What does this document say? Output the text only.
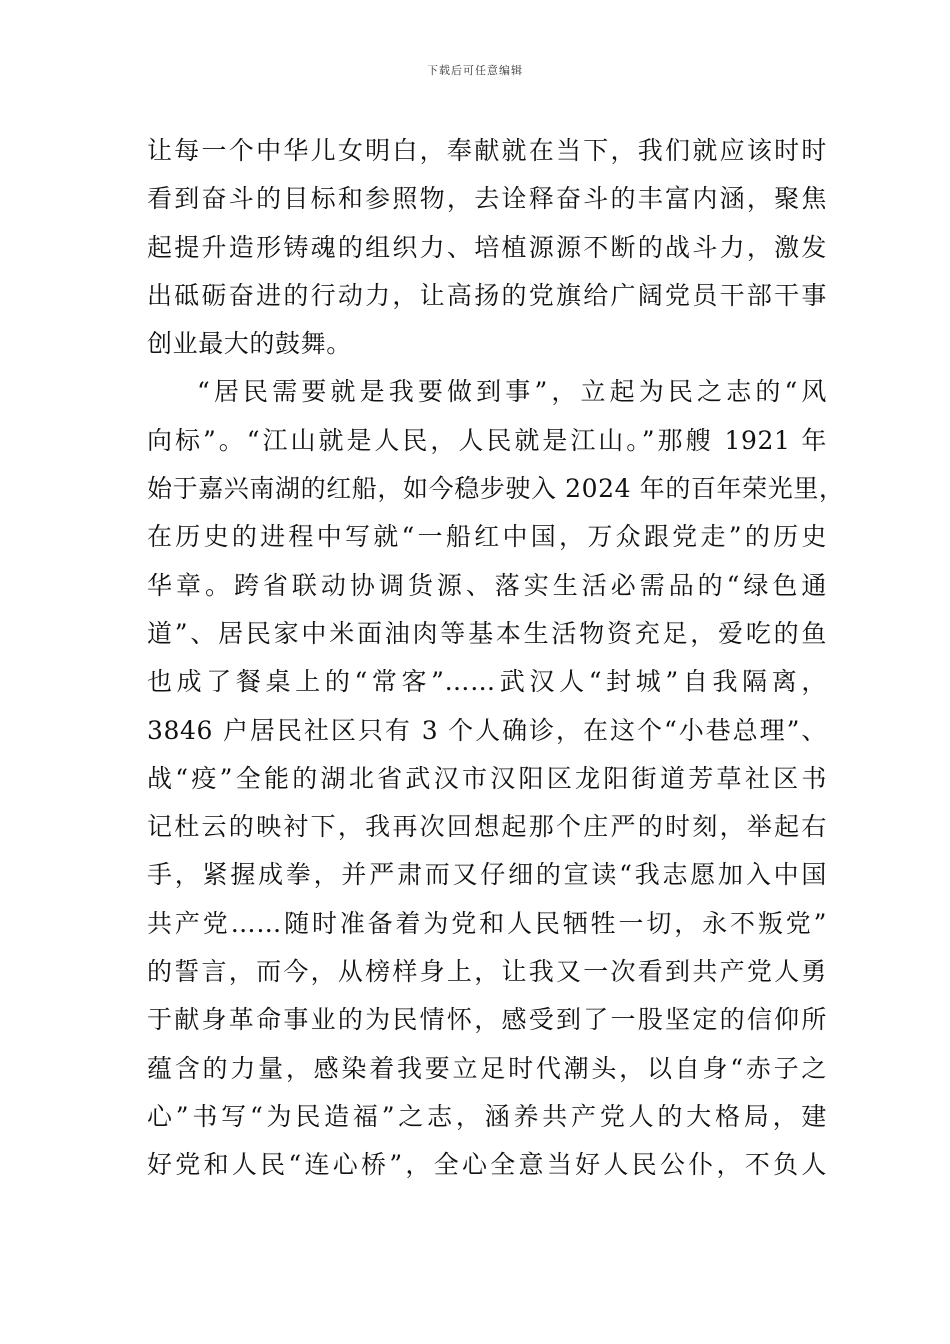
下载后可任意编辑
让每一个中华儿女明白，奉献就在当下，我们就应该时时
看到奋斗的目标和参照物，去诠释奋斗的丰富内涵，聚焦
起提升造形铸魂的组织力、培植源源不断的战斗力，激发
出砥砺奋进的行动力，让高扬的党旗给广阔党员干部干事
创业最大的鼓舞。
“居民需要就是我要做到事”，立起为民之志的“风
向标”。“江山就是人民，人民就是江山。”那艘 1921 年
始于嘉兴南湖的红船，如今稳步驶入 2024 年的百年荣光里，
在历史的进程中写就“一船红中国，万众跟党走”的历史
华章。跨省联动协调货源、落实生活必需品的“绿色通
道”、居民家中米面油肉等基本生活物资充足，爱吃的鱼
也成了餐桌上的“常客”……武汉人“封城”自我隔离，
3846 户居民社区只有 3 个人确诊，在这个“小巷总理”、
战“疫”全能的湖北省武汉市汉阳区龙阳街道芳草社区书
记杜云的映衬下，我再次回想起那个庄严的时刻，举起右
手，紧握成拳，并严肃而又仔细的宣读“我志愿加入中国
共产党……随时准备着为党和人民牺牲一切，永不叛党”
的誓言，而今，从榜样身上，让我又一次看到共产党人勇
于献身革命事业的为民情怀，感受到了一股坚定的信仰所
蕴含的力量，感染着我要立足时代潮头，以自身“赤子之
心”书写“为民造福”之志，涵养共产党人的大格局，建
好党和人民“连心桥”，全心全意当好人民公仆，不负人
